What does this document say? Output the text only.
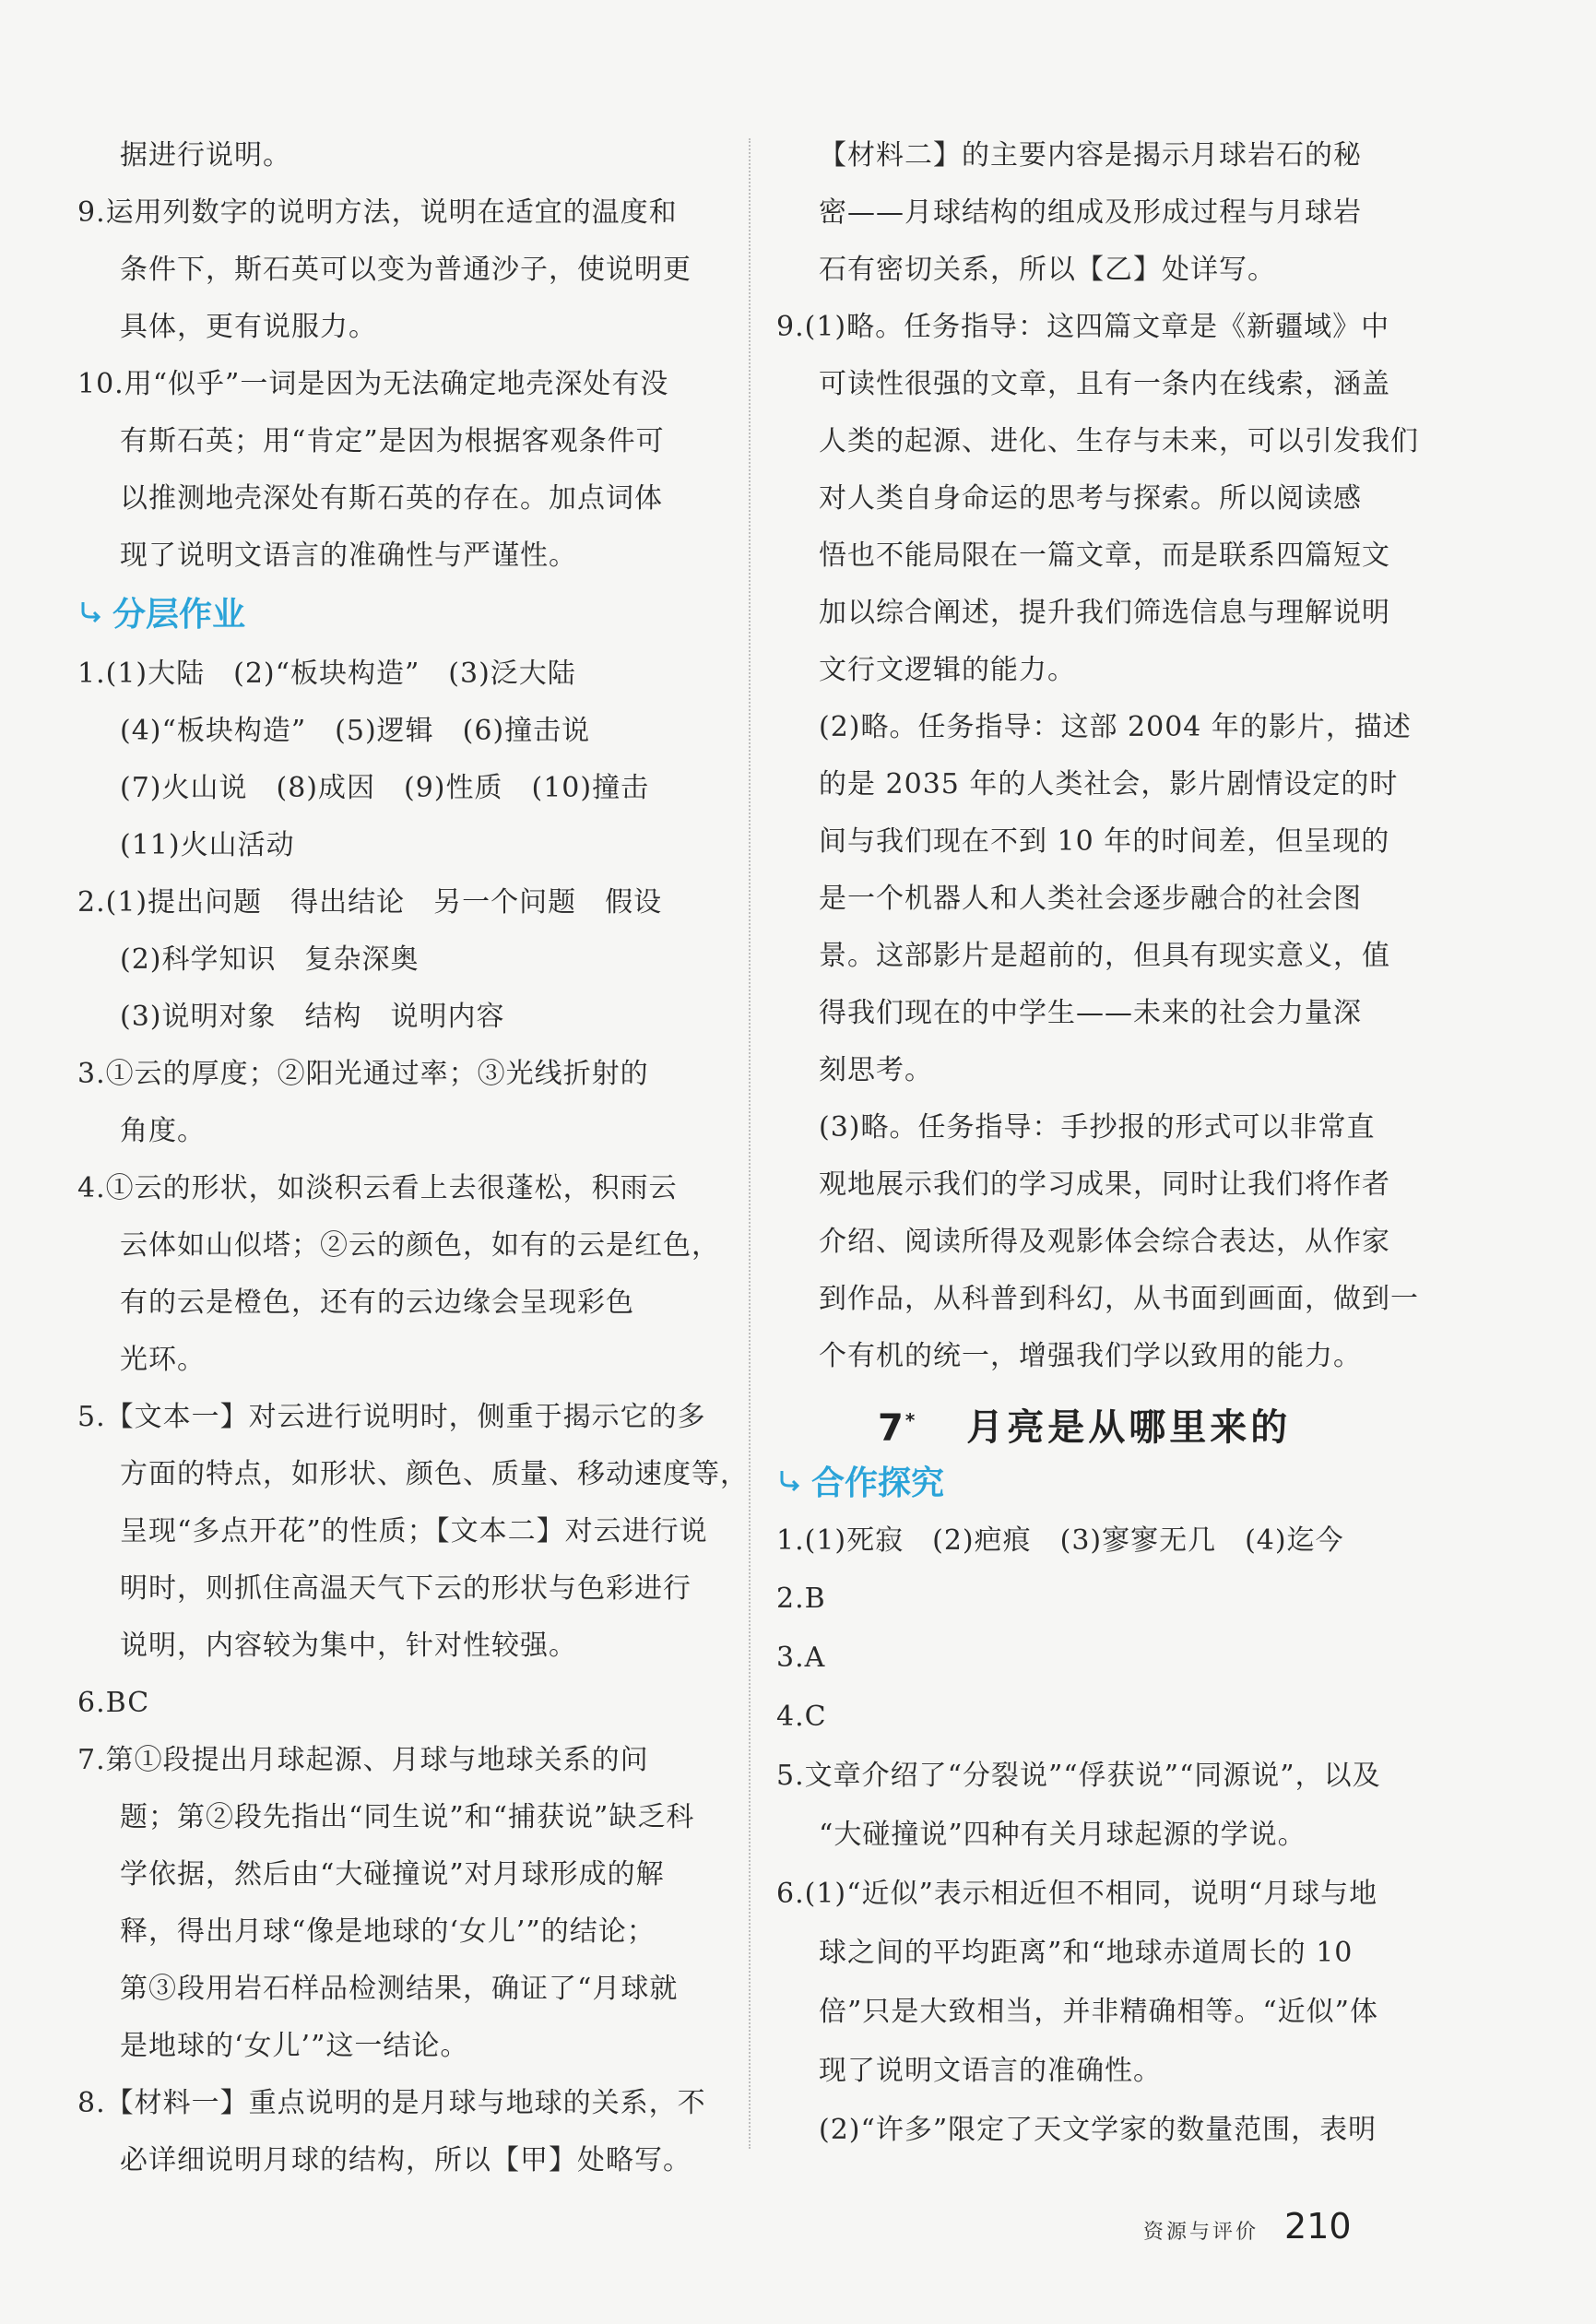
据进行说明。
9.运用列数字的说明方法，说明在适宜的温度和
条件下，斯石英可以变为普通沙子，使说明更
具体，更有说服力。
10.用“似乎”一词是因为无法确定地壳深处有没
有斯石英；用“肯定”是因为根据客观条件可
以推测地壳深处有斯石英的存在。加点词体
现了说明文语言的准确性与严谨性。
分层作业
1.(1)大陆　(2)“板块构造”　(3)泛大陆
(4)“板块构造”　(5)逻辑　(6)撞击说
(7)火山说　(8)成因　(9)性质　(10)撞击
(11)火山活动
2.(1)提出问题　得出结论　另一个问题　假设
(2)科学知识　复杂深奥
(3)说明对象　结构　说明内容
3.①云的厚度；②阳光通过率；③光线折射的
角度。
4.①云的形状，如淡积云看上去很蓬松，积雨云
云体如山似塔；②云的颜色，如有的云是红色，
有的云是橙色，还有的云边缘会呈现彩色
光环。
5.【文本一】对云进行说明时，侧重于揭示它的多
方面的特点，如形状、颜色、质量、移动速度等，
呈现“多点开花”的性质；【文本二】对云进行说
明时，则抓住高温天气下云的形状与色彩进行
说明，内容较为集中，针对性较强。
6.BC
7.第①段提出月球起源、月球与地球关系的问
题；第②段先指出“同生说”和“捕获说”缺乏科
学依据，然后由“大碰撞说”对月球形成的解
释，得出月球“像是地球的‘女儿’”的结论；
第③段用岩石样品检测结果，确证了“月球就
是地球的‘女儿’”这一结论。
8.【材料一】重点说明的是月球与地球的关系，不
必详细说明月球的结构，所以【甲】处略写。
【材料二】的主要内容是揭示月球岩石的秘
密——月球结构的组成及形成过程与月球岩
石有密切关系，所以【乙】处详写。
9.(1)略。任务指导：这四篇文章是《新疆域》中
可读性很强的文章，且有一条内在线索，涵盖
人类的起源、进化、生存与未来，可以引发我们
对人类自身命运的思考与探索。所以阅读感
悟也不能局限在一篇文章，而是联系四篇短文
加以综合阐述，提升我们筛选信息与理解说明
文行文逻辑的能力。
(2)略。任务指导：这部 2004 年的影片，描述
的是 2035 年的人类社会，影片剧情设定的时
间与我们现在不到 10 年的时间差，但呈现的
是一个机器人和人类社会逐步融合的社会图
景。这部影片是超前的，但具有现实意义，值
得我们现在的中学生——未来的社会力量深
刻思考。
(3)略。任务指导：手抄报的形式可以非常直
观地展示我们的学习成果，同时让我们将作者
介绍、阅读所得及观影体会综合表达，从作家
到作品，从科普到科幻，从书面到画面，做到一
个有机的统一，增强我们学以致用的能力。
7 * 月亮是从哪里来的
合作探究
1.(1)死寂　(2)疤痕　(3)寥寥无几　(4)迄今
2.B
3.A
4.C
5.文章介绍了“分裂说”“俘获说”“同源说”，以及
“大碰撞说”四种有关月球起源的学说。
6.(1)“近似”表示相近但不相同，说明“月球与地
球之间的平均距离”和“地球赤道周长的 10
倍”只是大致相当，并非精确相等。“近似”体
现了说明文语言的准确性。
(2)“许多”限定了天文学家的数量范围，表明
资源与评价 210
